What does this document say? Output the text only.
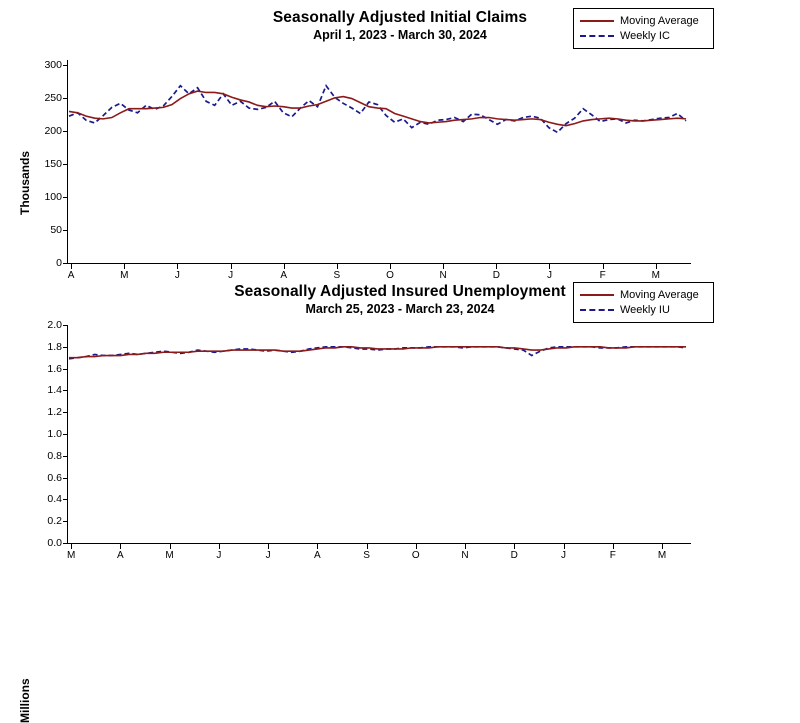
Seasonally Adjusted Initial Claims
April 1, 2023 - March 30, 2024
Moving Average
Weekly IC
Thousands
0
50
100
150
200
250
300
A	M	J	J	A	S	O	N	D	J	F	M
Seasonally Adjusted Insured Unemployment
March 25, 2023 - March 23, 2024
Moving Average
Weekly IU
Millions
0.0
0.2
0.4
0.6
0.8
1.0
1.2
1.4
1.6
1.8
2.0
M	A	M	J	J	A	S	O	N	D	J	F	M
